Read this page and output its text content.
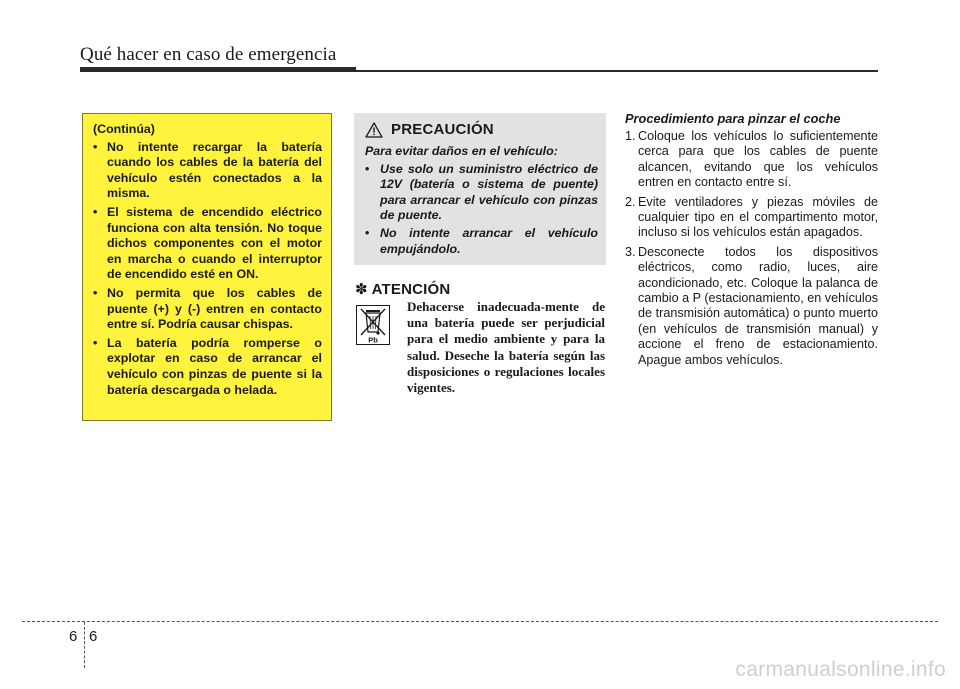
Qué hacer en caso de emergencia
(Continúa)
• No intente recargar la batería cuando los cables de la batería del vehículo estén conectados a la misma.
• El sistema de encendido eléctrico funciona con alta tensión. No toque dichos componentes con el motor en marcha o cuando el interruptor de encendido esté en ON.
• No permita que los cables de puente (+) y (-) entren en contacto entre sí. Podría causar chispas.
• La batería podría romperse o explotar en caso de arrancar el vehículo con pinzas de puente si la batería descargada o helada.
PRECAUCIÓN
Para evitar daños en el vehículo:
• Use solo un suministro eléctrico de 12V (batería o sistema de puente) para arrancar el vehículo con pinzas de puente.
• No intente arrancar el vehículo empujándolo.
✽ ATENCIÓN
Pb
Dehacerse inadecuada-mente de una batería puede ser perjudicial para el medio ambiente y para la salud. Deseche la batería según las disposiciones o regulaciones locales vigentes.
Procedimiento para pinzar el coche
1. Coloque los vehículos lo suficientemente cerca para que los cables de puente alcancen, evitando que los vehículos entren en contacto entre sí.
2. Evite ventiladores y piezas móviles de cualquier tipo en el compartimento motor, incluso si los vehículos están apagados.
3. Desconecte todos los dispositivos eléctricos, como radio, luces, aire acondicionado, etc. Coloque la palanca de cambio a P (estacionamiento, en vehículos de transmisión automática) o punto muerto (en vehículos de transmisión manual) y accione el freno de estacionamiento. Apague ambos vehículos.
6 6
carmanualsonline.info
